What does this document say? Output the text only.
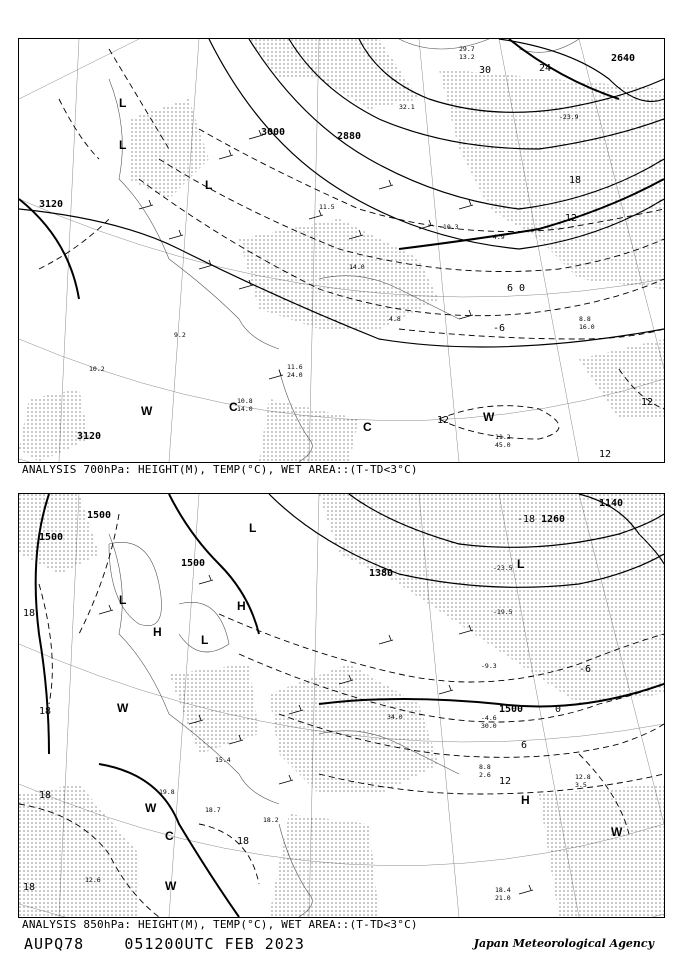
29.7
13.2
11.5
32.1
-23.9
-10.3
-4.9
14.0
4.8	8.8
16.0
11.6
24.0
10.8
14.0
11.2
45.0
10.2
9.2
3120
3000	2880
2640
3120
30	24
18
12
6 0
-6
12
12
12
L
L
L
W	C
C
W
ANALYSIS 700hPa: HEIGHT(M), TEMP(°C), WET AREA::(T-TD<3°C)
-23.5
-19.5
-9.3
-4.6
30.0
8.8
2.6	12.8
3.5
34.0
19.8
18.7
18.2
18.4
21.0
15.4
12.6
1500
1500
1500
1380
1260
1140
1500
18
18
18
18
-18
-6
0
6
12
18
L
L
H
L
H
L
W
W
C
W
H
W
ANALYSIS 850hPa: HEIGHT(M), TEMP(°C), WET AREA::(T-TD<3°C)
AUPQ78	051200UTC FEB 2023	Japan Meteorological Agency
